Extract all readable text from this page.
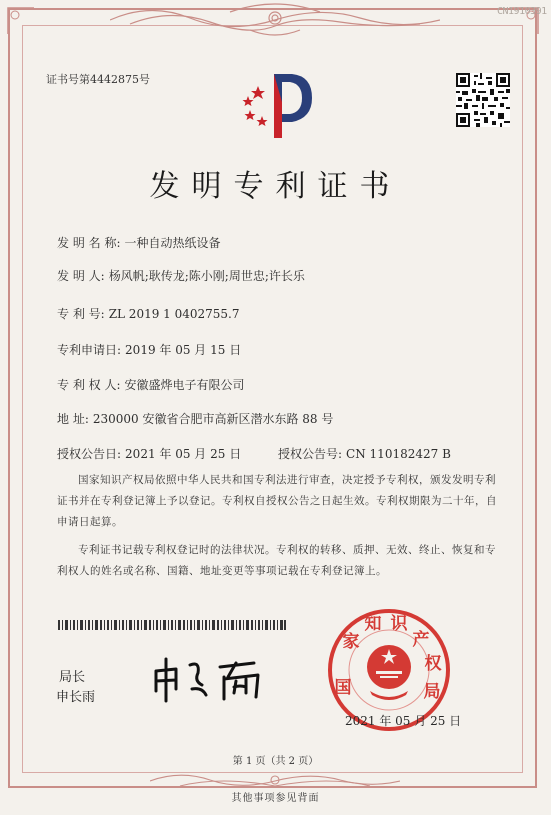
CN1910391
证书号第4442875号
发明专利证书
发 明 名 称: 一种自动热纸设备
发 明 人: 杨风帆;耿传龙;陈小刚;周世忠;许长乐
专 利 号: ZL 2019 1 0402755.7
专利申请日: 2019 年 05 月 15 日
专 利 权 人: 安徽盛烨电子有限公司
地 址: 230000 安徽省合肥市高新区潜水东路 88 号
授权公告日: 2021 年 05 月 25 日	授权公告号: CN 110182427 B
国家知识产权局依照中华人民共和国专利法进行审查，决定授予专利权，颁发发明专利证书并在专利登记簿上予以登记。专利权自授权公告之日起生效。专利权期限为二十年，自申请日起算。
专利证书记载专利权登记时的法律状况。专利权的转移、质押、无效、终止、恢复和专利权人的姓名或名称、国籍、地址变更等事项记载在专利登记簿上。
局长
申长雨	国 家 知 识 产 权 局
2021 年 05 月 25 日
第 1 页（共 2 页）
其他事项参见背面
